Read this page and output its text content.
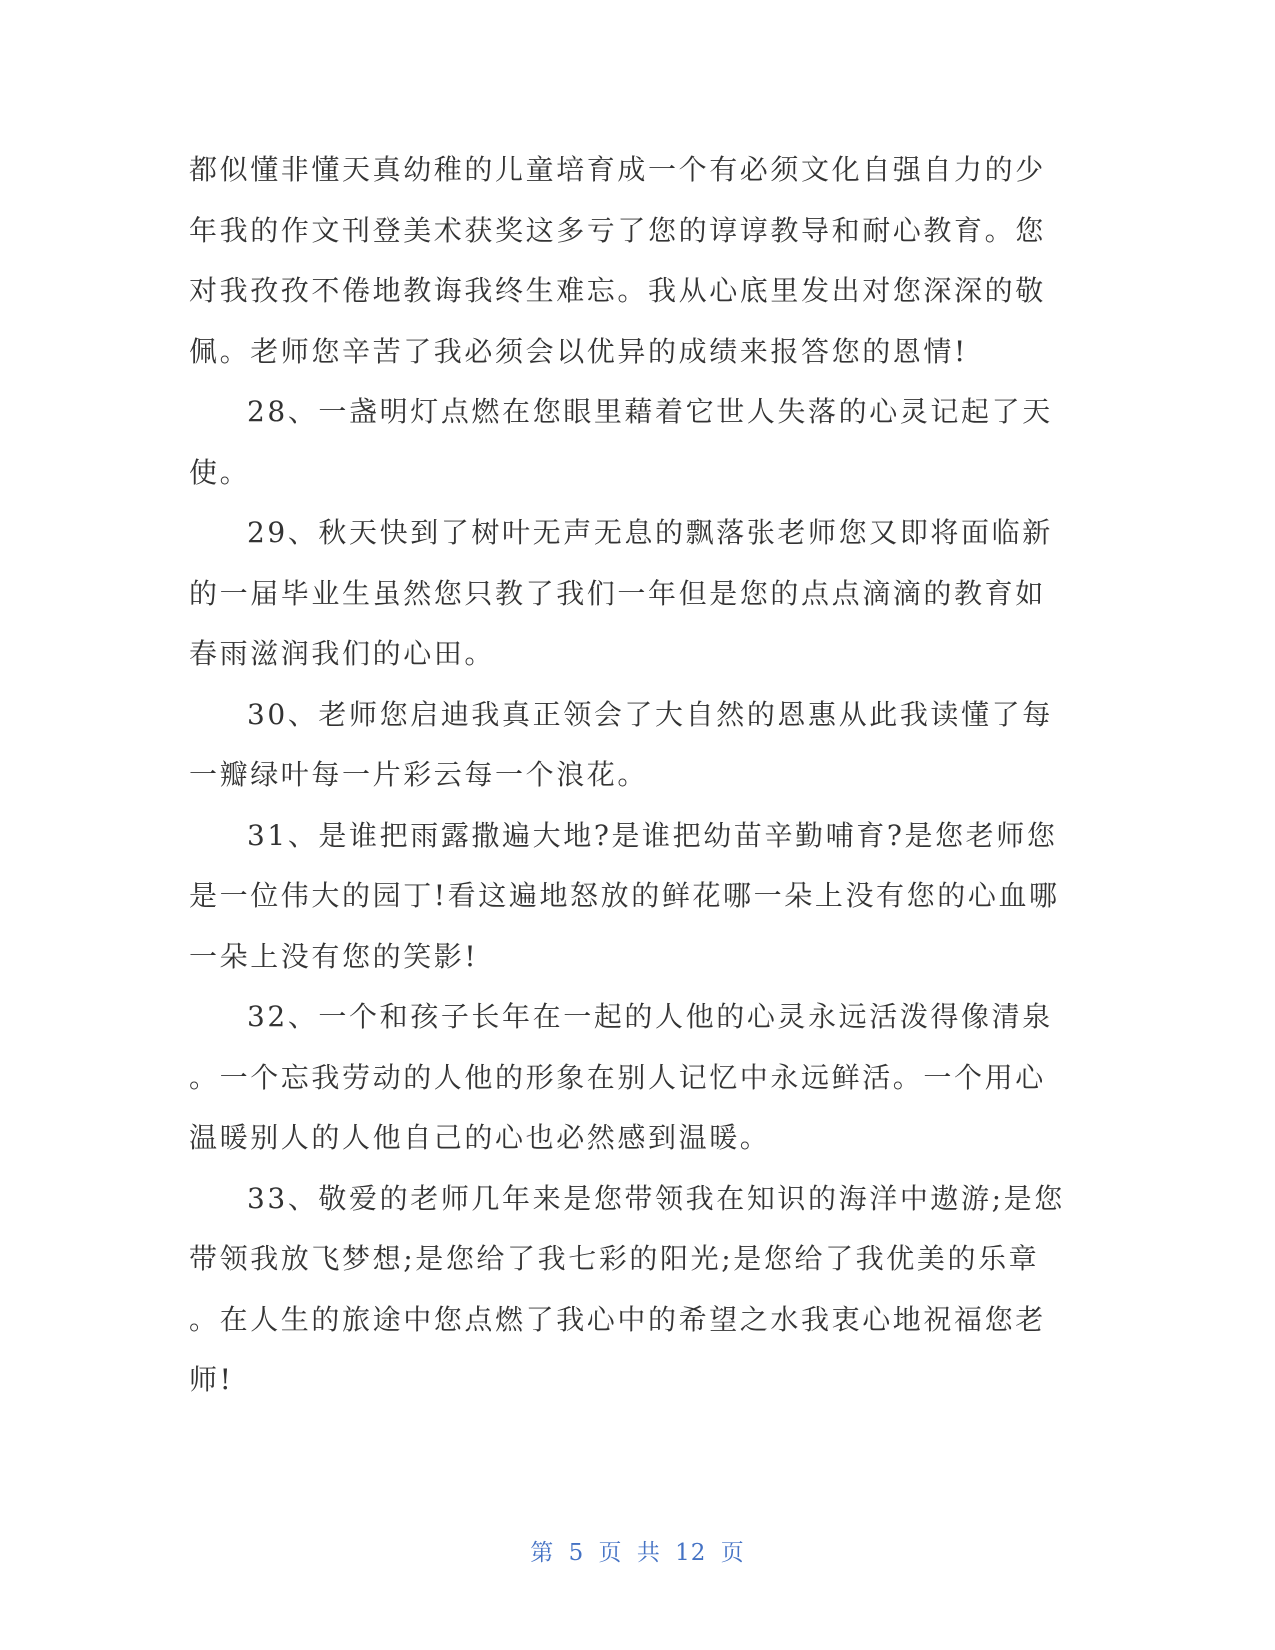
都似懂非懂天真幼稚的儿童培育成一个有必须文化自强自力的少
年我的作文刊登美术获奖这多亏了您的谆谆教导和耐心教育。您
对我孜孜不倦地教诲我终生难忘。我从心底里发出对您深深的敬
佩。老师您辛苦了我必须会以优异的成绩来报答您的恩情!
28、一盏明灯点燃在您眼里藉着它世人失落的心灵记起了天
使。
29、秋天快到了树叶无声无息的飘落张老师您又即将面临新
的一届毕业生虽然您只教了我们一年但是您的点点滴滴的教育如
春雨滋润我们的心田。
30、老师您启迪我真正领会了大自然的恩惠从此我读懂了每
一瓣绿叶每一片彩云每一个浪花。
31、是谁把雨露撒遍大地?是谁把幼苗辛勤哺育?是您老师您
是一位伟大的园丁!看这遍地怒放的鲜花哪一朵上没有您的心血哪
一朵上没有您的笑影!
32、一个和孩子长年在一起的人他的心灵永远活泼得像清泉
。一个忘我劳动的人他的形象在别人记忆中永远鲜活。一个用心
温暖别人的人他自己的心也必然感到温暖。
33、敬爱的老师几年来是您带领我在知识的海洋中遨游;是您
带领我放飞梦想;是您给了我七彩的阳光;是您给了我优美的乐章
。在人生的旅途中您点燃了我心中的希望之水我衷心地祝福您老
师!
第 5 页 共 12 页
